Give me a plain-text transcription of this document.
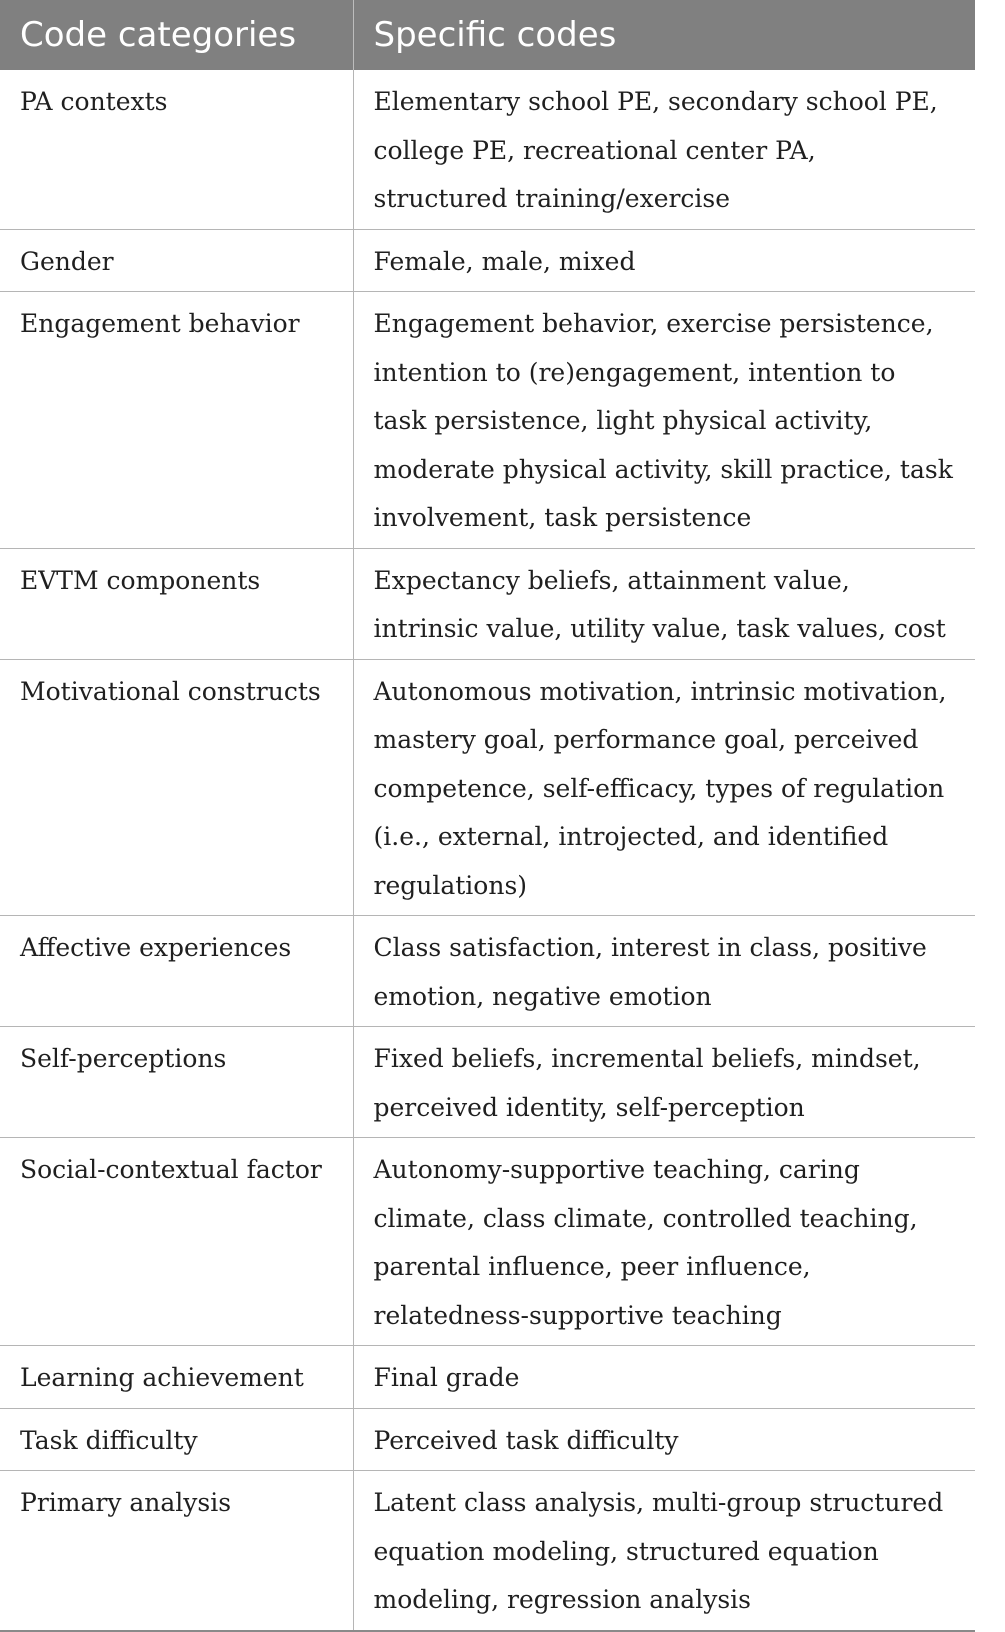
Code categories	Specific codes
PA contexts	Elementary school PE, secondary school PE, college PE, recreational center PA, structured training/exercise
Gender	Female, male, mixed
Engagement behavior	Engagement behavior, exercise persistence, intention to (re)engagement, intention to task persistence, light physical activity, moderate physical activity, skill practice, task involvement, task persistence
EVTM components	Expectancy beliefs, attainment value, intrinsic value, utility value, task values, cost
Motivational constructs	Autonomous motivation, intrinsic motivation, mastery goal, performance goal, perceived competence, self-efficacy, types of regulation (i.e., external, introjected, and identified regulations)
Affective experiences	Class satisfaction, interest in class, positive emotion, negative emotion
Self-perceptions	Fixed beliefs, incremental beliefs, mindset, perceived identity, self-perception
Social-contextual factor	Autonomy-supportive teaching, caring climate, class climate, controlled teaching, parental influence, peer influence, relatedness-supportive teaching
Learning achievement	Final grade
Task difficulty	Perceived task difficulty
Primary analysis	Latent class analysis, multi-group structured equation modeling, structured equation modeling, regression analysis
